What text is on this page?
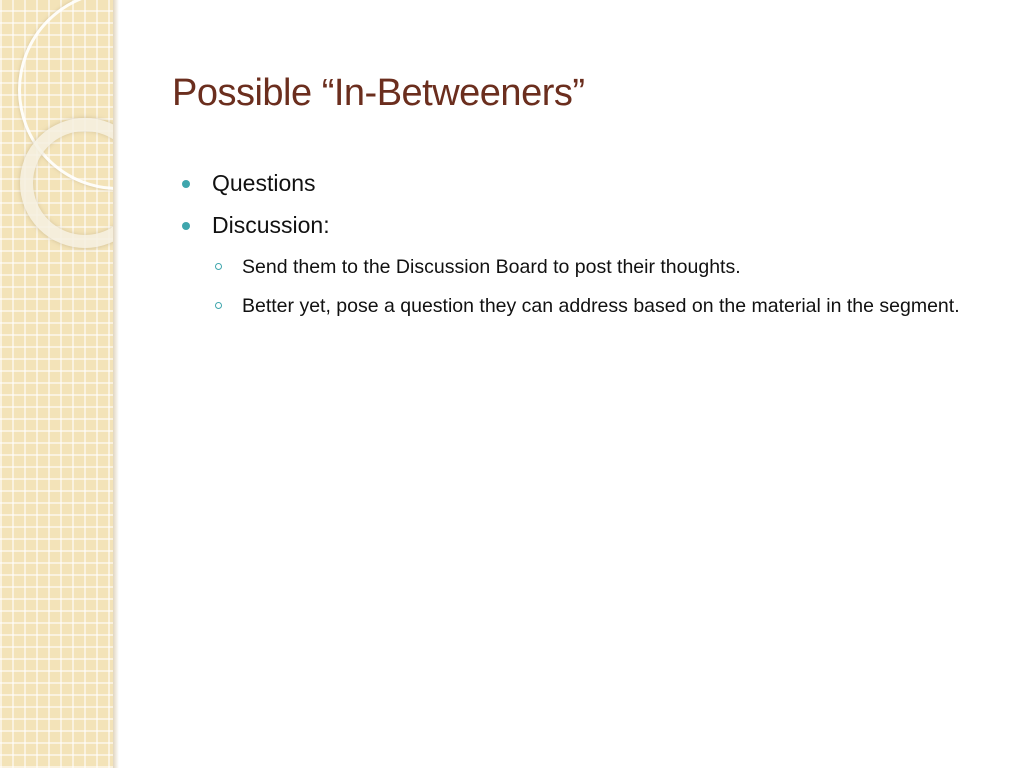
Possible “In-Betweeners”
Questions
Discussion:
Send them to the Discussion Board to post their thoughts.
Better yet, pose a question they can address based on the material in the segment.
